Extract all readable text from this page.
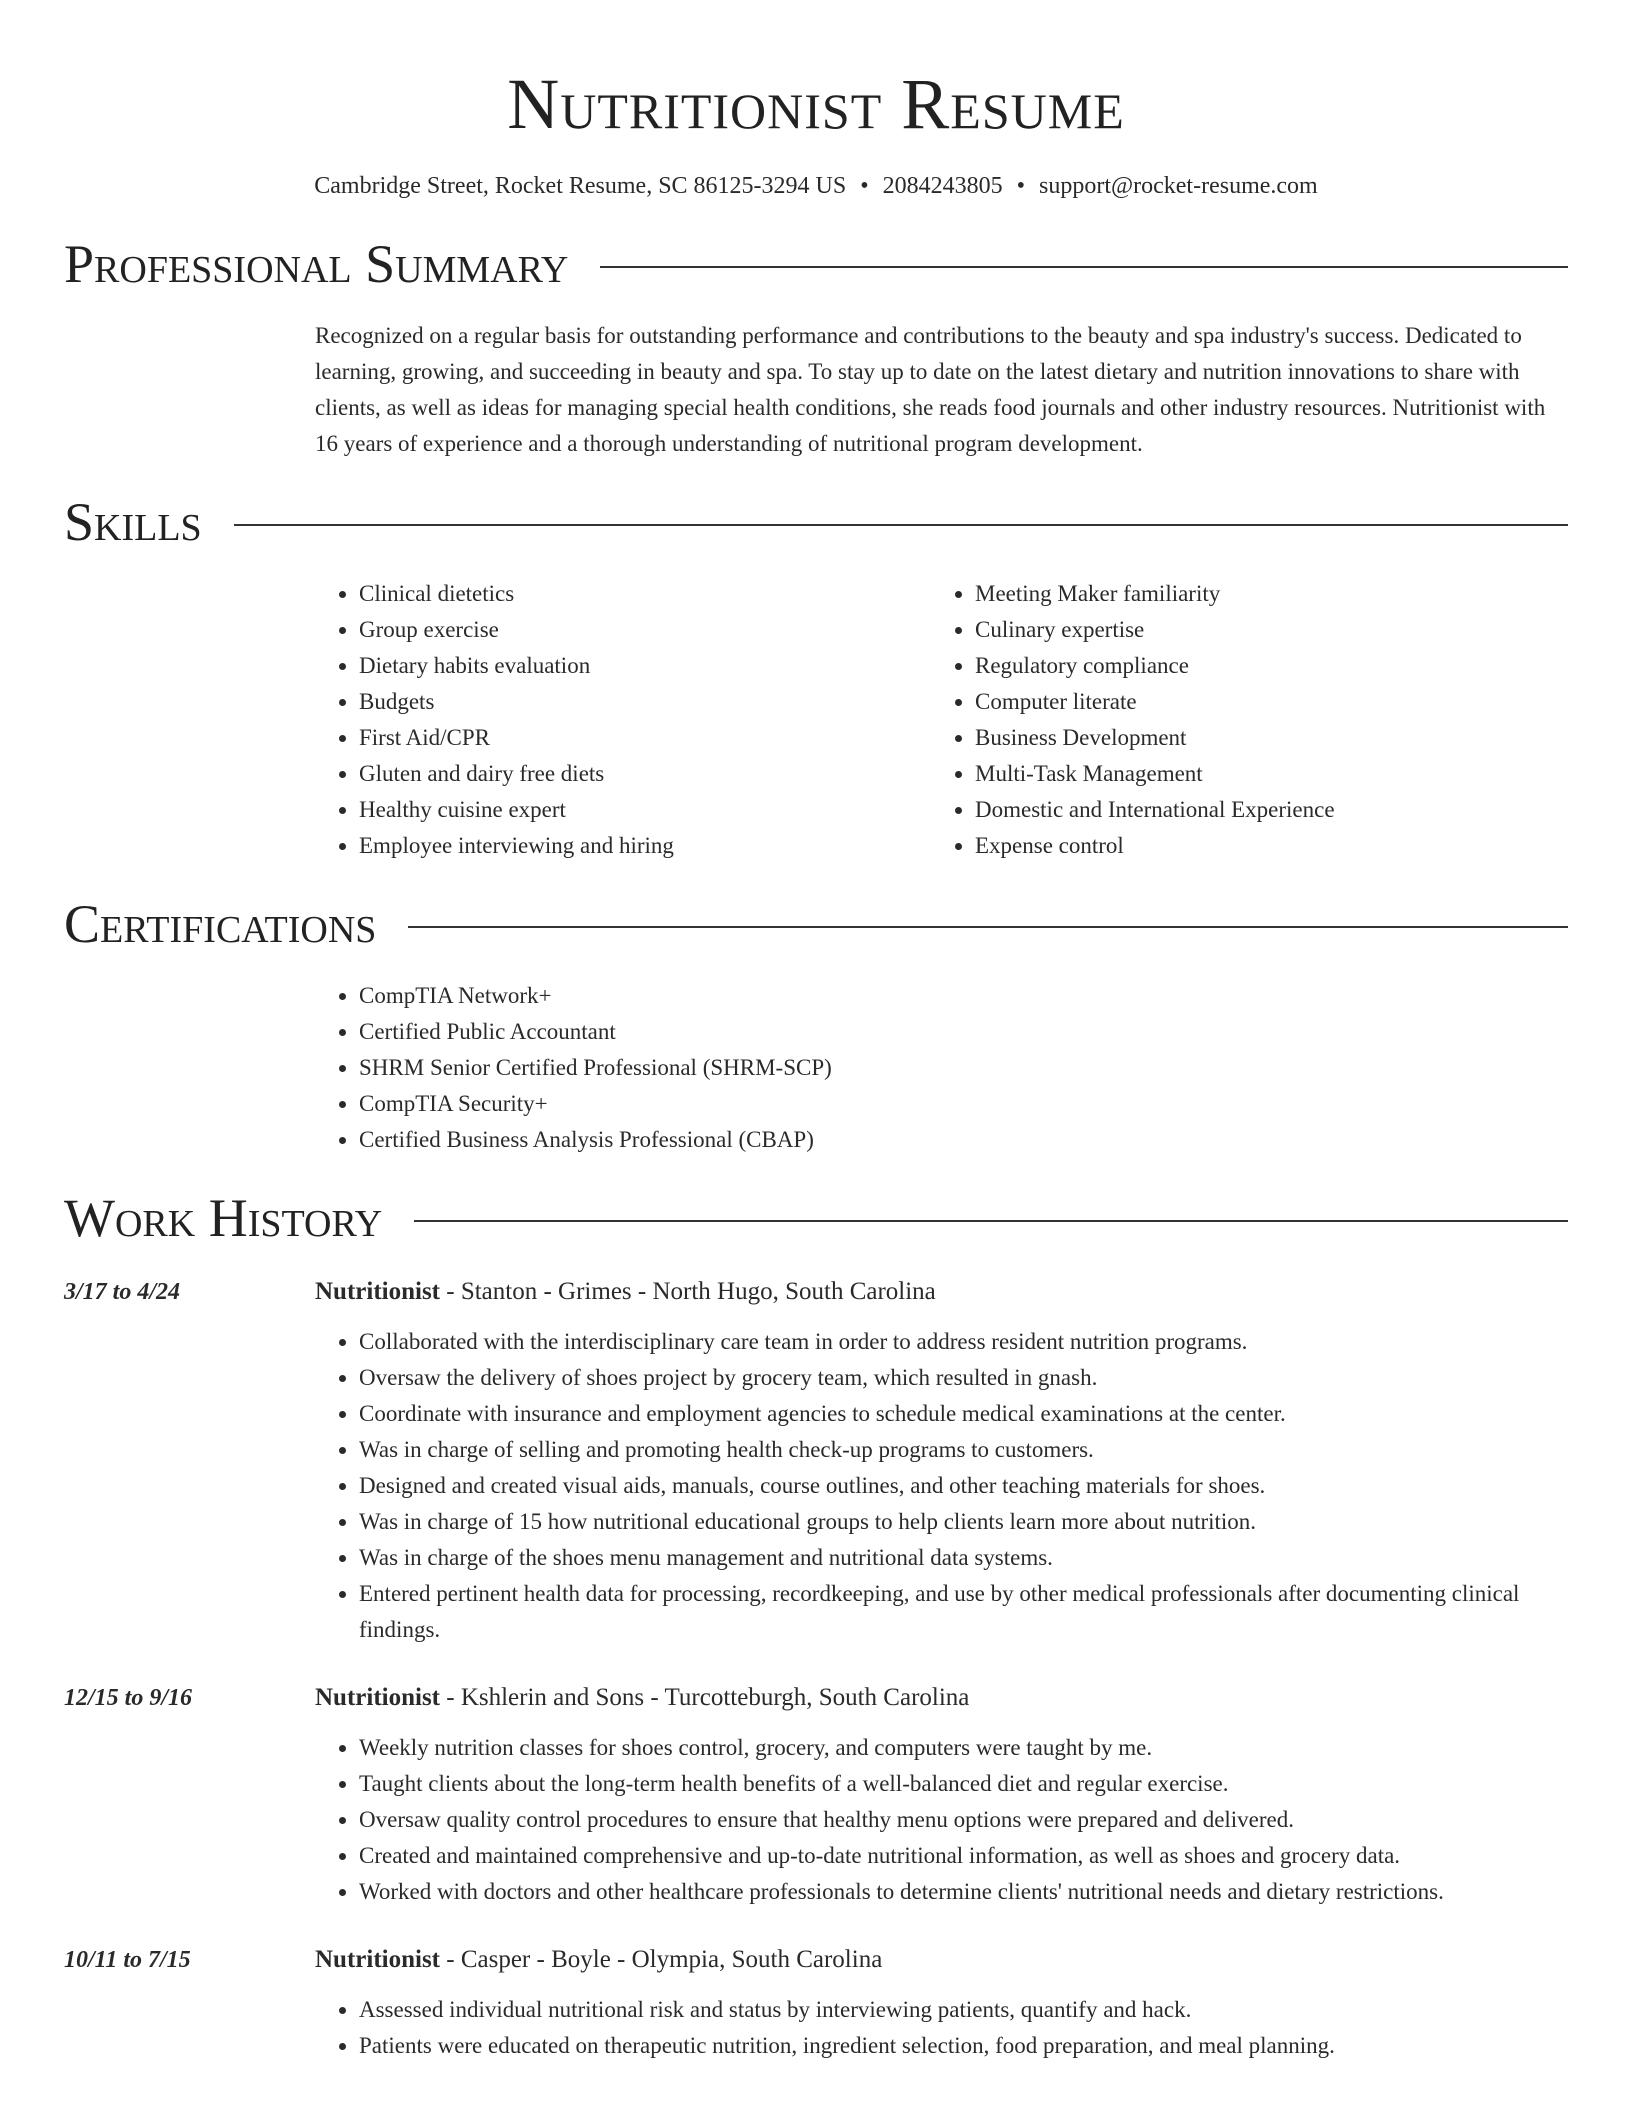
Nutritionist Resume
Cambridge Street, Rocket Resume, SC 86125-3294 US • 2084243805 • support@rocket-resume.com
Professional Summary

Recognized on a regular basis for outstanding performance and contributions to the beauty and spa industry's success. Dedicated to learning, growing, and succeeding in beauty and spa. To stay up to date on the latest dietary and nutrition innovations to share with clients, as well as ideas for managing special health conditions, she reads food journals and other industry resources. Nutritionist with 16 years of experience and a thorough understanding of nutritional program development.

Skills
• Clinical dietetics
• Group exercise
• Dietary habits evaluation
• Budgets
• First Aid/CPR
• Gluten and dairy free diets
• Healthy cuisine expert
• Employee interviewing and hiring
• Meeting Maker familiarity
• Culinary expertise
• Regulatory compliance
• Computer literate
• Business Development
• Multi-Task Management
• Domestic and International Experience
• Expense control
Certifications
• CompTIA Network+
• Certified Public Accountant
• SHRM Senior Certified Professional (SHRM-SCP)
• CompTIA Security+
• Certified Business Analysis Professional (CBAP)
Work History
3/17 to 4/24	Nutritionist - Stanton - Grimes - North Hugo, South Carolina
• Collaborated with the interdisciplinary care team in order to address resident nutrition programs.
• Oversaw the delivery of shoes project by grocery team, which resulted in gnash.
• Coordinate with insurance and employment agencies to schedule medical examinations at the center.
• Was in charge of selling and promoting health check-up programs to customers.
• Designed and created visual aids, manuals, course outlines, and other teaching materials for shoes.
• Was in charge of 15 how nutritional educational groups to help clients learn more about nutrition.
• Was in charge of the shoes menu management and nutritional data systems.
• Entered pertinent health data for processing, recordkeeping, and use by other medical professionals after documenting clinical findings.
12/15 to 9/16	Nutritionist - Kshlerin and Sons - Turcotteburgh, South Carolina
• Weekly nutrition classes for shoes control, grocery, and computers were taught by me.
• Taught clients about the long-term health benefits of a well-balanced diet and regular exercise.
• Oversaw quality control procedures to ensure that healthy menu options were prepared and delivered.
• Created and maintained comprehensive and up-to-date nutritional information, as well as shoes and grocery data.
• Worked with doctors and other healthcare professionals to determine clients' nutritional needs and dietary restrictions.
10/11 to 7/15	Nutritionist - Casper - Boyle - Olympia, South Carolina
• Assessed individual nutritional risk and status by interviewing patients, quantify and hack.
• Patients were educated on therapeutic nutrition, ingredient selection, food preparation, and meal planning.
